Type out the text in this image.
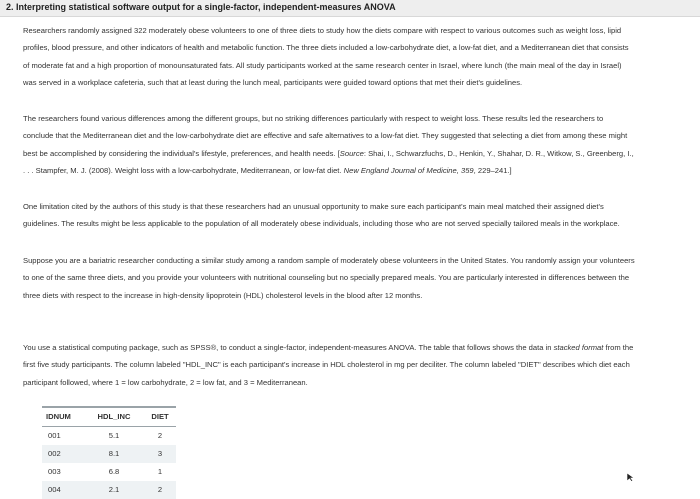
2. Interpreting statistical software output for a single-factor, independent-measures ANOVA

Researchers randomly assigned 322 moderately obese volunteers to one of three diets to study how the diets compare with respect to various outcomes such as weight loss, lipid profiles, blood pressure, and other indicators of health and metabolic function. The three diets included a low-carbohydrate diet, a low-fat diet, and a Mediterranean diet that consists of moderate fat and a high proportion of monounsaturated fats. All study participants worked at the same research center in Israel, where lunch (the main meal of the day in Israel) was served in a workplace cafeteria, such that at least during the lunch meal, participants were guided toward options that met their diet's guidelines.

The researchers found various differences among the different groups, but no striking differences particularly with respect to weight loss. These results led the researchers to conclude that the Mediterranean diet and the low-carbohydrate diet are effective and safe alternatives to a low-fat diet. They suggested that selecting a diet from among these might best be accomplished by considering the individual's lifestyle, preferences, and health needs. [Source: Shai, I., Schwarzfuchs, D., Henkin, Y., Shahar, D. R., Witkow, S., Greenberg, I., . . . Stampfer, M. J. (2008). Weight loss with a low-carbohydrate, Mediterranean, or low-fat diet. New England Journal of Medicine, 359, 229–241.]

One limitation cited by the authors of this study is that these researchers had an unusual opportunity to make sure each participant's main meal matched their assigned diet's guidelines. The results might be less applicable to the population of all moderately obese individuals, including those who are not served specially tailored meals in the workplace.

Suppose you are a bariatric researcher conducting a similar study among a random sample of moderately obese volunteers in the United States. You randomly assign your volunteers to one of the same three diets, and you provide your volunteers with nutritional counseling but no specially prepared meals. You are particularly interested in differences between the three diets with respect to the increase in high-density lipoprotein (HDL) cholesterol levels in the blood after 12 months.

You use a statistical computing package, such as SPSS®, to conduct a single-factor, independent-measures ANOVA. The table that follows shows the data in stacked format from the first five study participants. The column labeled "HDL_INC" is each participant's increase in HDL cholesterol in mg per deciliter. The column labeled "DIET" describes which diet each participant followed, where 1 = low carbohydrate, 2 = low fat, and 3 = Mediterranean.

IDNUM	HDL_INC	DIET
001	5.1	2
002	8.1	3
003	6.8	1
004	2.1	2
